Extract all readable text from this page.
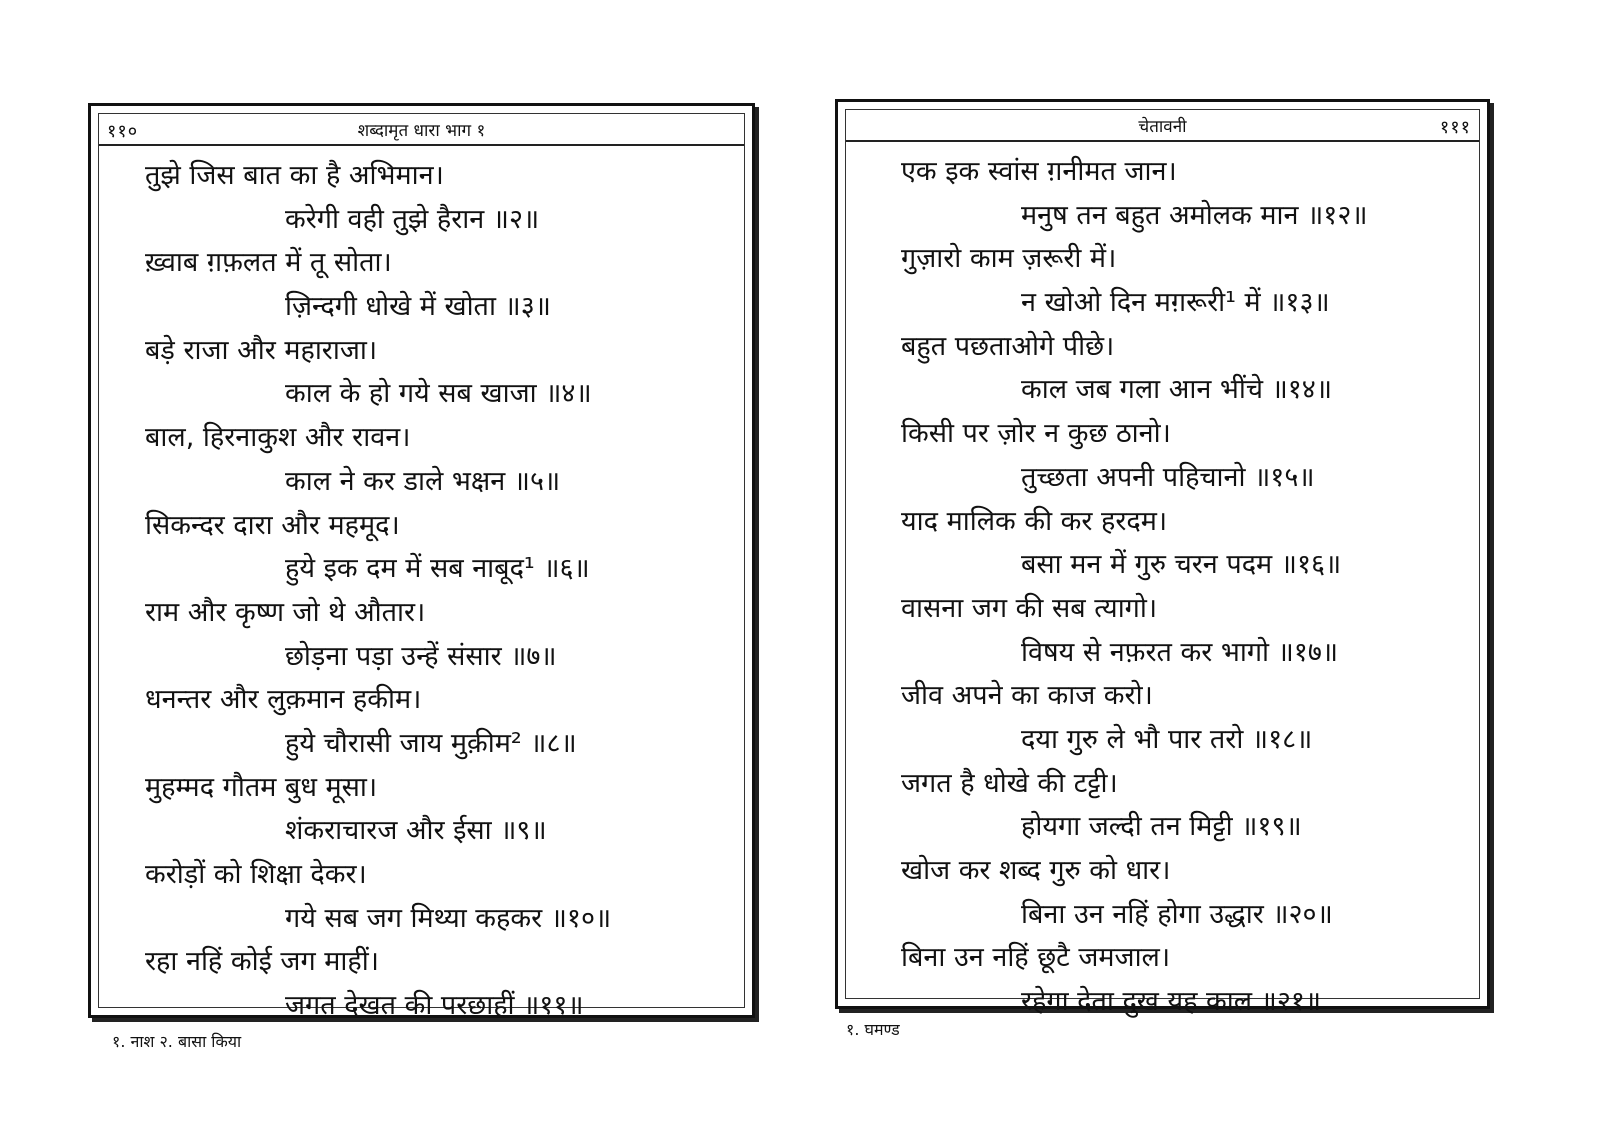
११०	शब्दामृत धारा भाग १
तुझे जिस बात का है अभिमान।
करेगी वही तुझे हैरान ॥२॥
ख़्वाब ग़फ़लत में तू सोता।
ज़िन्दगी धोखे में खोता ॥३॥
बड़े राजा और महाराजा।
काल के हो गये सब खाजा ॥४॥
बाल, हिरनाकुश और रावन।
काल ने कर डाले भक्षन ॥५॥
सिकन्दर दारा और महमूद।
हुये इक दम में सब नाबूद¹ ॥६॥
राम और कृष्ण जो थे औतार।
छोड़ना पड़ा उन्हें संसार ॥७॥
धनन्तर और लुक़मान हकीम।
हुये चौरासी जाय मुक़ीम² ॥८॥
मुहम्मद गौतम बुध मूसा।
शंकराचारज और ईसा ॥९॥
करोड़ों को शिक्षा देकर।
गये सब जग मिथ्या कहकर ॥१०॥
रहा नहिं कोई जग माहीं।
जगत देखत की परछाहीं ॥११॥
१. नाश २. बासा किया
चेतावनी	१११
एक इक स्वांस ग़नीमत जान।
मनुष तन बहुत अमोलक मान ॥१२॥
गुज़ारो काम ज़रूरी में।
न खोओ दिन मग़रूरी¹ में ॥१३॥
बहुत पछताओगे पीछे।
काल जब गला आन भींचे ॥१४॥
किसी पर ज़ोर न कुछ ठानो।
तुच्छता अपनी पहिचानो ॥१५॥
याद मालिक की कर हरदम।
बसा मन में गुरु चरन पदम ॥१६॥
वासना जग की सब त्यागो।
विषय से नफ़रत कर भागो ॥१७॥
जीव अपने का काज करो।
दया गुरु ले भौ पार तरो ॥१८॥
जगत है धोखे की टट्टी।
होयगा जल्दी तन मिट्टी ॥१९॥
खोज कर शब्द गुरु को धार।
बिना उन नहिं होगा उद्धार ॥२०॥
बिना उन नहिं छूटै जमजाल।
रहेगा देता दुख यह काल ॥२१॥
१. घमण्ड
